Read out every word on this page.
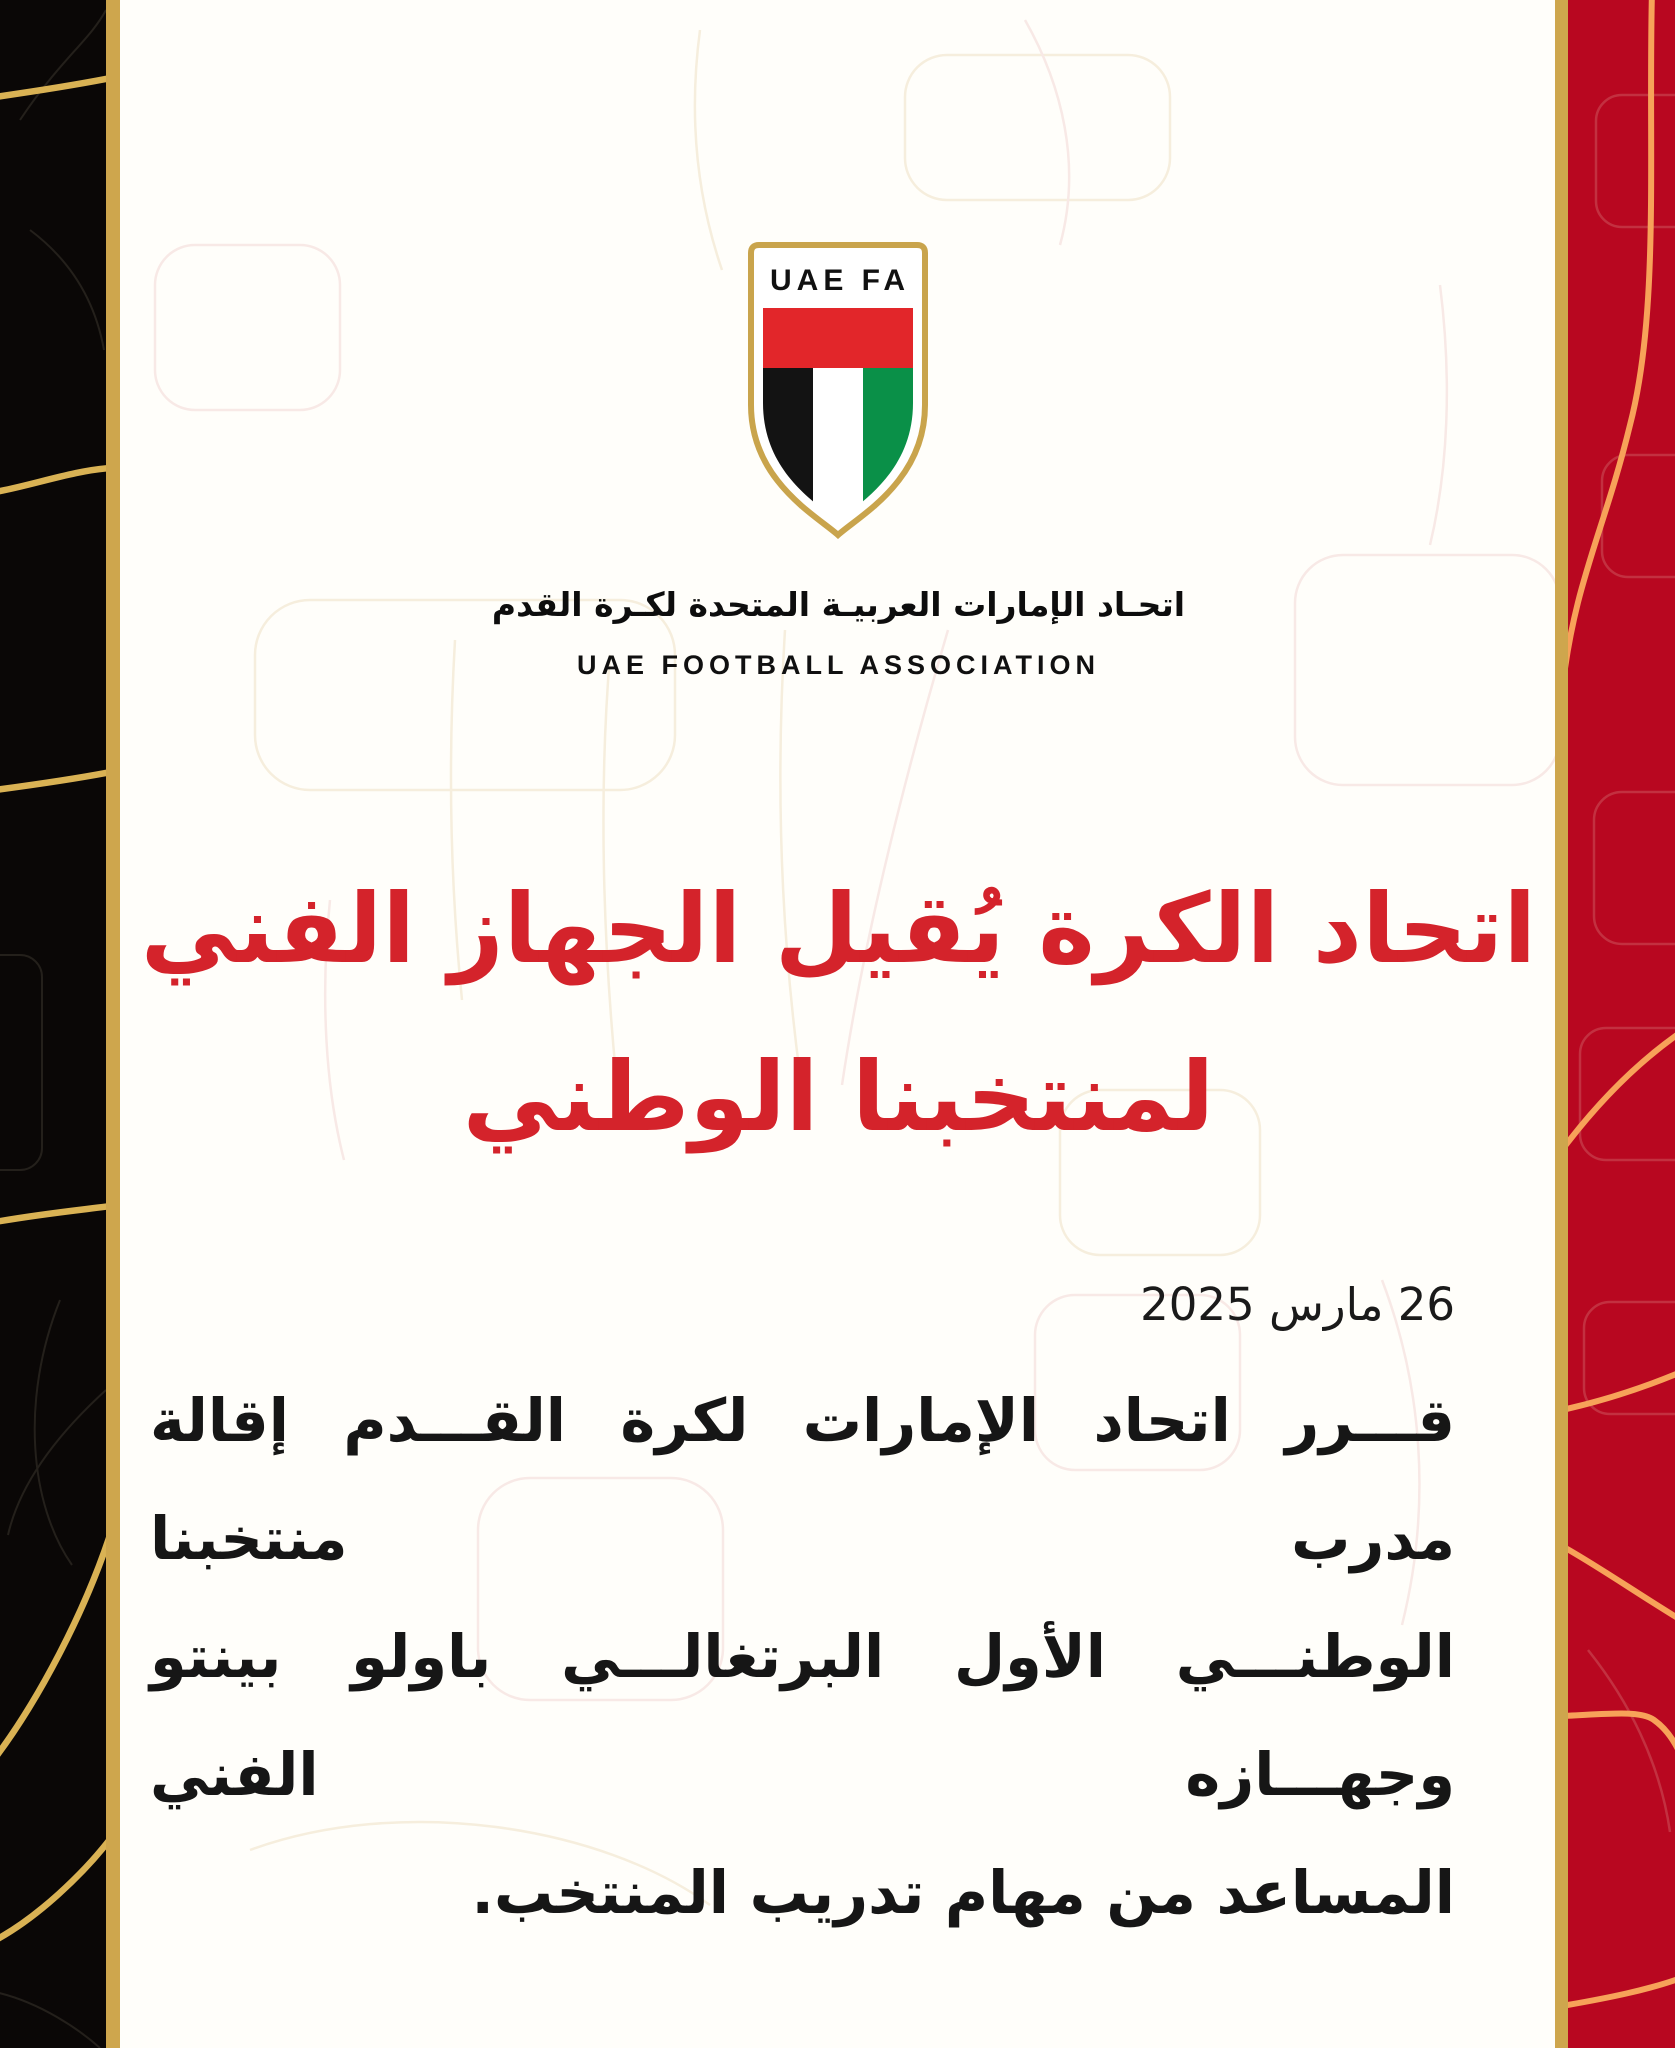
UAE FA
اتحـاد الإمارات العربيـة المتحدة لكـرة القدم
UAE FOOTBALL ASSOCIATION
اتحاد الكرة يُقيل الجهاز الفني
لمنتخبنا الوطني
26 مارس 2025
قـــرر اتحاد الإمارات لكرة القـــدم إقالة مدرب منتخبنا
الوطنـــي الأول البرتغالـــي باولو بينتو وجهـــازه الفني
المساعد من مهام تدريب المنتخب.
